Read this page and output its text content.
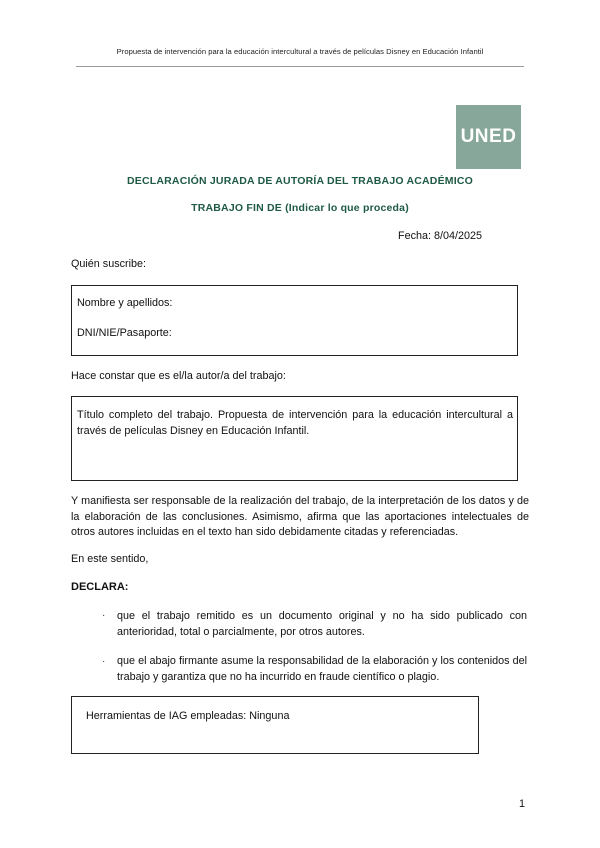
Propuesta de intervención para la educación intercultural a través de películas Disney en Educación Infantil
UNED
DECLARACIÓN JURADA DE AUTORÍA DEL TRABAJO ACADÉMICO
TRABAJO FIN DE (Indicar lo que proceda)
Fecha: 8/04/2025
Quién suscribe:
Nombre y apellidos:
DNI/NIE/Pasaporte:
Hace constar que es el/la autor/a del trabajo:
Título completo del trabajo. Propuesta de intervención para la educación intercultural a través de películas Disney en Educación Infantil.
Y manifiesta ser responsable de la realización del trabajo, de la interpretación de los datos y de la elaboración de las conclusiones. Asimismo, afirma que las aportaciones intelectuales de otros autores incluidas en el texto han sido debidamente citadas y referenciadas.
En este sentido,
DECLARA:
· que el trabajo remitido es un documento original y no ha sido publicado con anterioridad, total o parcialmente, por otros autores.
· que el abajo firmante asume la responsabilidad de la elaboración y los contenidos del trabajo y garantiza que no ha incurrido en fraude científico o plagio.
Herramientas de IAG empleadas: Ninguna
1
